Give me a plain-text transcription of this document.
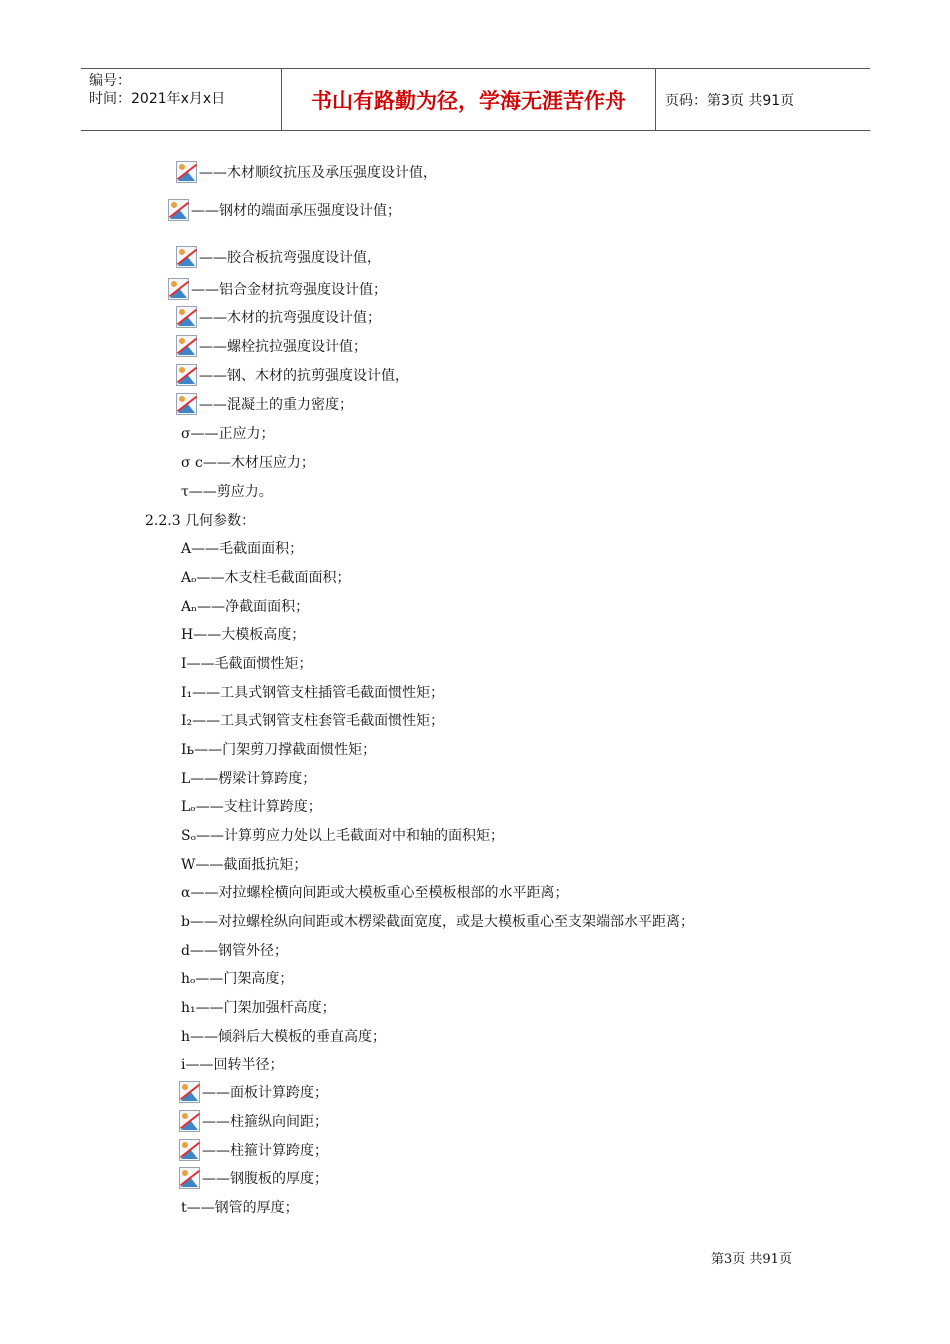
编号：
时间：2021年x月x日	书山有路勤为径，学海无涯苦作舟	页码：第3页 共91页
——木材顺纹抗压及承压强度设计值，
——钢材的端面承压强度设计值；
——胶合板抗弯强度设计值，
——铝合金材抗弯强度设计值；
——木材的抗弯强度设计值；
——螺栓抗拉强度设计值；
——钢、木材的抗剪强度设计值，
——混凝土的重力密度；
σ——正应力；
σ c——木材压应力；
τ——剪应力。
2.2.3 几何参数：
A——毛截面面积；
Aₒ——木支柱毛截面面积；
Aₙ——净截面面积；
H——大模板高度；
I——毛截面惯性矩；
I₁——工具式钢管支柱插管毛截面惯性矩；
I₂——工具式钢管支柱套管毛截面惯性矩；
Iь——门架剪刀撑截面惯性矩；
L——楞梁计算跨度；
Lₒ——支柱计算跨度；
Sₒ——计算剪应力处以上毛截面对中和轴的面积矩；
W——截面抵抗矩；
α——对拉螺栓横向间距或大模板重心至模板根部的水平距离；
b——对拉螺栓纵向间距或木楞梁截面宽度，或是大模板重心至支架端部水平距离；
d——钢管外径；
hₒ——门架高度；
h₁——门架加强杆高度；
h——倾斜后大模板的垂直高度；
i——回转半径；
——面板计算跨度；
——柱箍纵向间距；
——柱箍计算跨度；
——钢腹板的厚度；
t——钢管的厚度；
第3页 共91页
